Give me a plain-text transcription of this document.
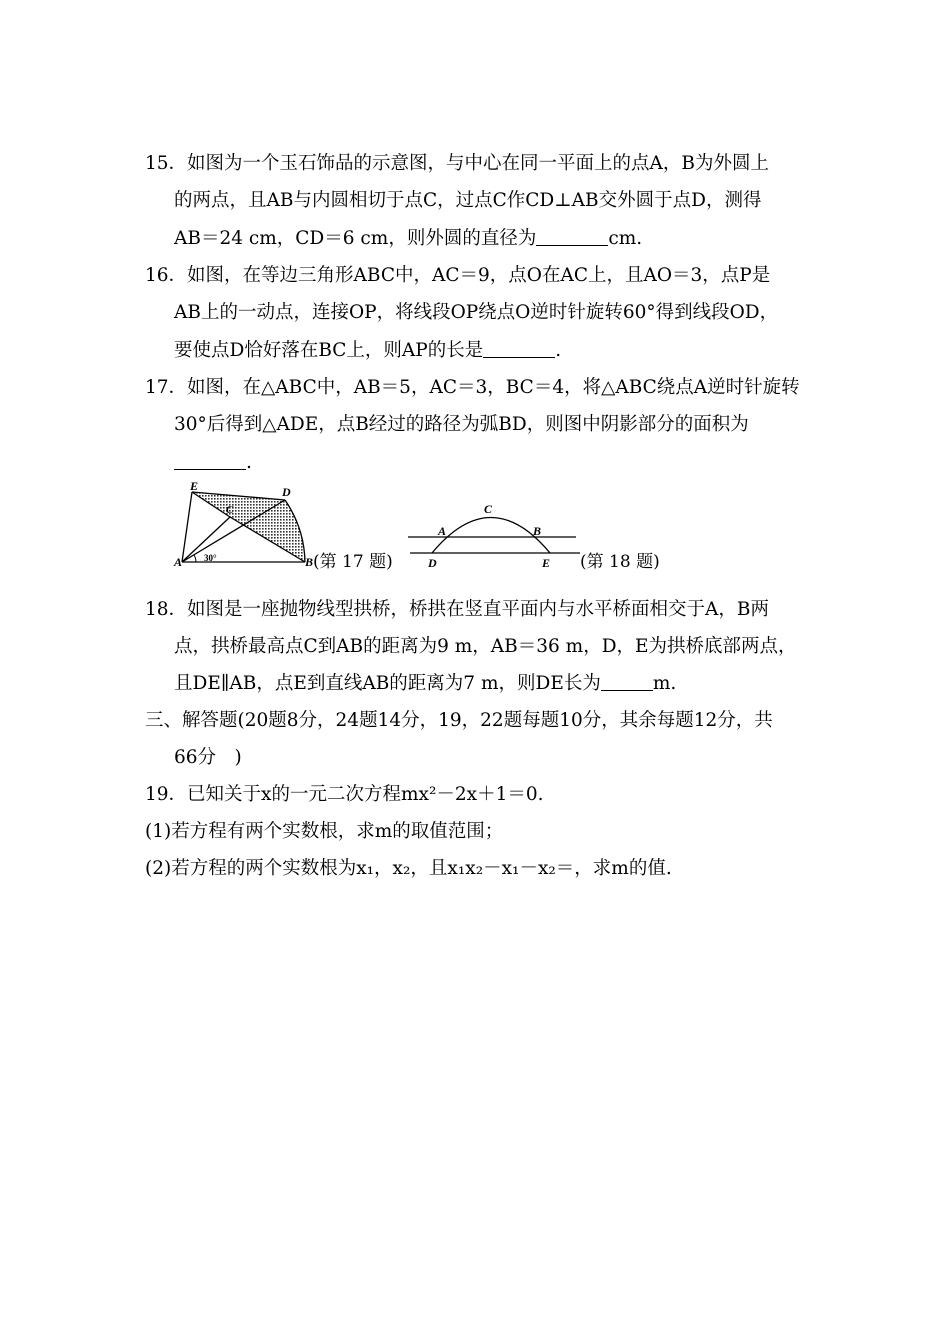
15．如图为一个玉石饰品的示意图，与中心在同一平面上的点A，B为外圆上
的两点，且AB与内圆相切于点C，过点C作CD⊥AB交外圆于点D，测得
AB＝24 cm，CD＝6 cm，则外圆的直径为	cm.
16．如图，在等边三角形ABC中，AC＝9，点O在AC上，且AO＝3，点P是
AB上的一动点，连接OP，将线段OP绕点O逆时针旋转60°得到线段OD，
要使点D恰好落在BC上，则AP的长是	.
17．如图，在△ABC中，AB＝5，AC＝3，BC＝4，将△ABC绕点A逆时针旋转
30°后得到△ADE，点B经过的路径为弧BD，则图中阴影部分的面积为
.
E	D
C
A	B
30°	(第 17 题)
C
A	B
D	E (第 18 题)
18．如图是一座抛物线型拱桥，桥拱在竖直平面内与水平桥面相交于A，B两
点，拱桥最高点C到AB的距离为9 m，AB＝36 m，D，E为拱桥底部两点，
且DE∥AB，点E到直线AB的距离为7 m，则DE长为	m.
三、解答题(20题8分，24题14分，19，22题每题10分，其余每题12分，共
66分　)
19．已知关于x的一元二次方程mx²－2x＋1＝0.
(1)若方程有两个实数根，求m的取值范围；
(2)若方程的两个实数根为x₁，x₂，且x₁x₂－x₁－x₂＝，求m的值.
